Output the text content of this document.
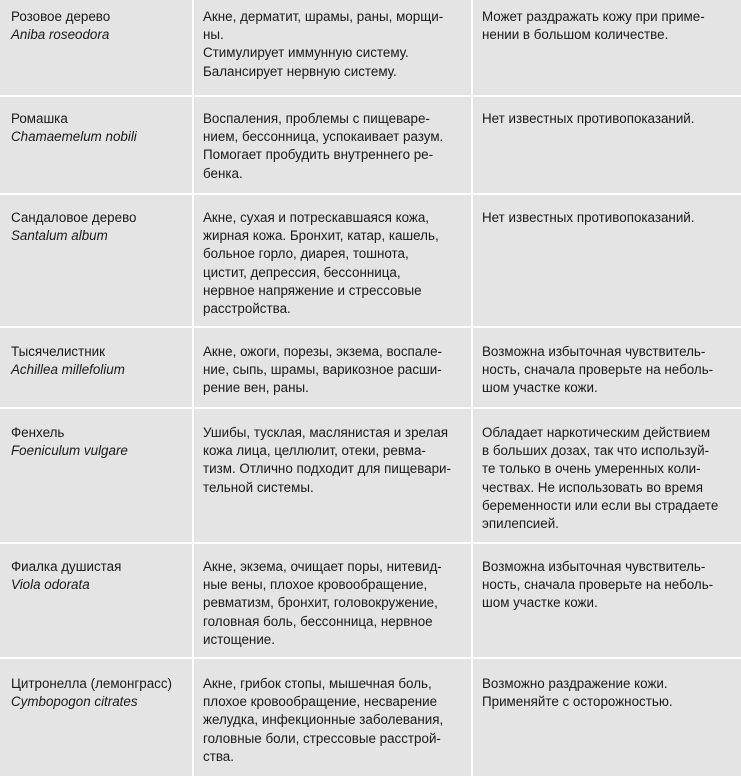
Розовое дерево
Aniba roseodora
Акне, дерматит, шрамы, раны, морщи-
ны.
Стимулирует иммунную систему.
Балансирует нервную систему.
Может раздражать кожу при приме-
нении в большом количестве.
Ромашка
Chamaemelum nobili
Воспаления, проблемы с пищеваре-
нием, бессонница, успокаивает разум.
Помогает пробудить внутреннего ре-
бенка.
Нет известных противопоказаний.
Сандаловое дерево
Santalum album
Акне, сухая и потрескавшаяся кожа,
жирная кожа. Бронхит, катар, кашель,
больное горло, диарея, тошнота,
цистит, депрессия, бессонница,
нервное напряжение и стрессовые
расстройства.
Нет известных противопоказаний.
Тысячелистник
Achillea millefolium
Акне, ожоги, порезы, экзема, воспале-
ние, сыпь, шрамы, варикозное расши-
рение вен, раны.
Возможна избыточная чувствитель-
ность, сначала проверьте на неболь-
шом участке кожи.
Фенхель
Foeniculum vulgare
Ушибы, тусклая, маслянистая и зрелая
кожа лица, целлюлит, отеки, ревма-
тизм. Отлично подходит для пищевари-
тельной системы.
Обладает наркотическим действием
в больших дозах, так что используй-
те только в очень умеренных коли-
чествах. Не использовать во время
беременности или если вы страдаете
эпилепсией.
Фиалка душистая
Viola odorata
Акне, экзема, очищает поры, нитевид-
ные вены, плохое кровообращение,
ревматизм, бронхит, головокружение,
головная боль, бессонница, нервное
истощение.
Возможна избыточная чувствитель-
ность, сначала проверьте на неболь-
шом участке кожи.
Цитронелла (лемонграсс)
Cymbopogon citrates
Акне, грибок стопы, мышечная боль,
плохое кровообращение, несварение
желудка, инфекционные заболевания,
головные боли, стрессовые расстрой-
ства.
Возможно раздражение кожи.
Применяйте с осторожностью.
